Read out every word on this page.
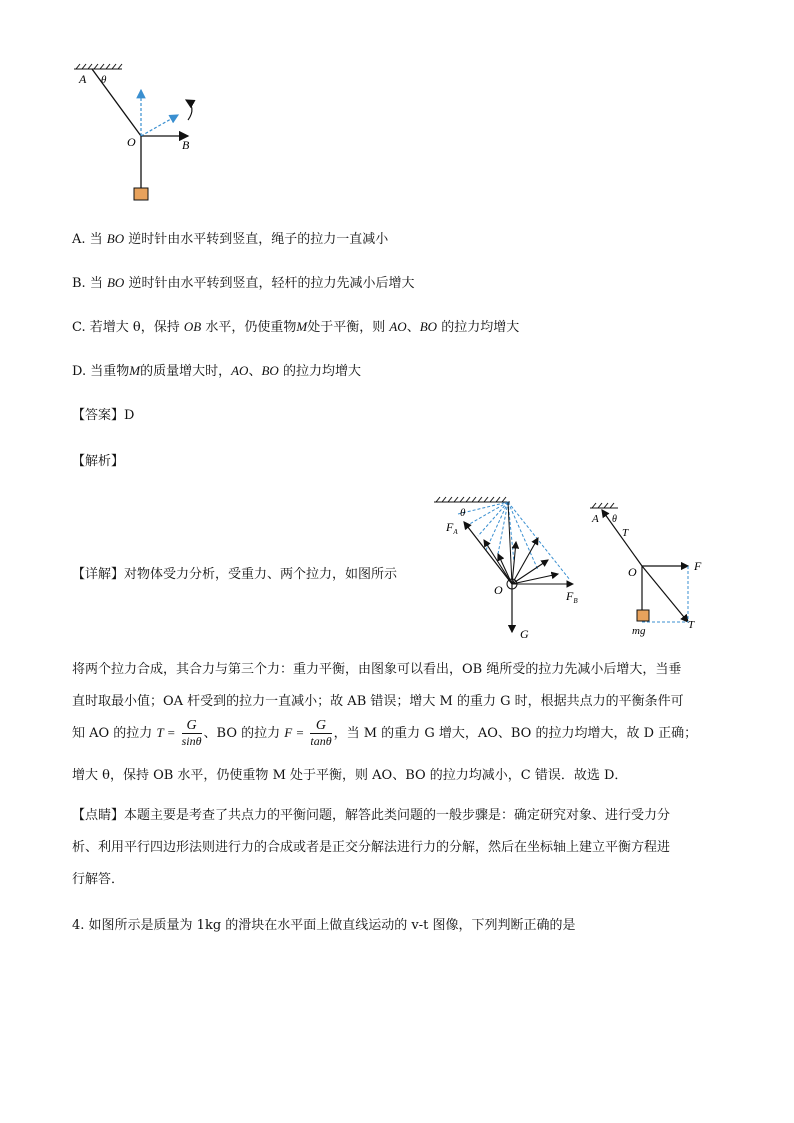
A θ
O	B
A. 当 BO 逆时针由水平转到竖直，绳子的拉力一直减小
B. 当 BO 逆时针由水平转到竖直，轻杆的拉力先减小后增大
C. 若增大 θ，保持 OB 水平，仍使重物M处于平衡，则 AO、BO 的拉力均增大
D. 当重物M的质量增大时，AO、BO 的拉力均增大
【答案】D
【解析】
【详解】对物体受力分析，受重力、两个拉力，如图所示
θ
$F_A$
O	$F_B$
G
A θ
T
O	F
mg	T
将两个拉力合成，其合力与第三个力：重力平衡，由图象可以看出，OB 绳所受的拉力先减小后增大，当垂
直时取最小值；OA 杆受到的拉力一直减小；故 AB 错误；增大 M 的重力 G 时，根据共点力的平衡条件可
知 AO 的拉力 $T = \frac{G}{\sin\theta}$ 、BO 的拉力 $F = \frac{G}{\tan\theta}$ ，当 M 的重力 G 增大，AO、BO 的拉力均增大，故 D 正确；
增大 θ，保持 OB 水平，仍使重物 M 处于平衡，则 AO、BO 的拉力均减小，C 错误．故选 D．
【点睛】本题主要是考查了共点力的平衡问题，解答此类问题的一般步骤是：确定研究对象、进行受力分
析、利用平行四边形法则进行力的合成或者是正交分解法进行力的分解，然后在坐标轴上建立平衡方程进
行解答．
4. 如图所示是质量为 1kg 的滑块在水平面上做直线运动的 v-t 图像，下列判断正确的是
